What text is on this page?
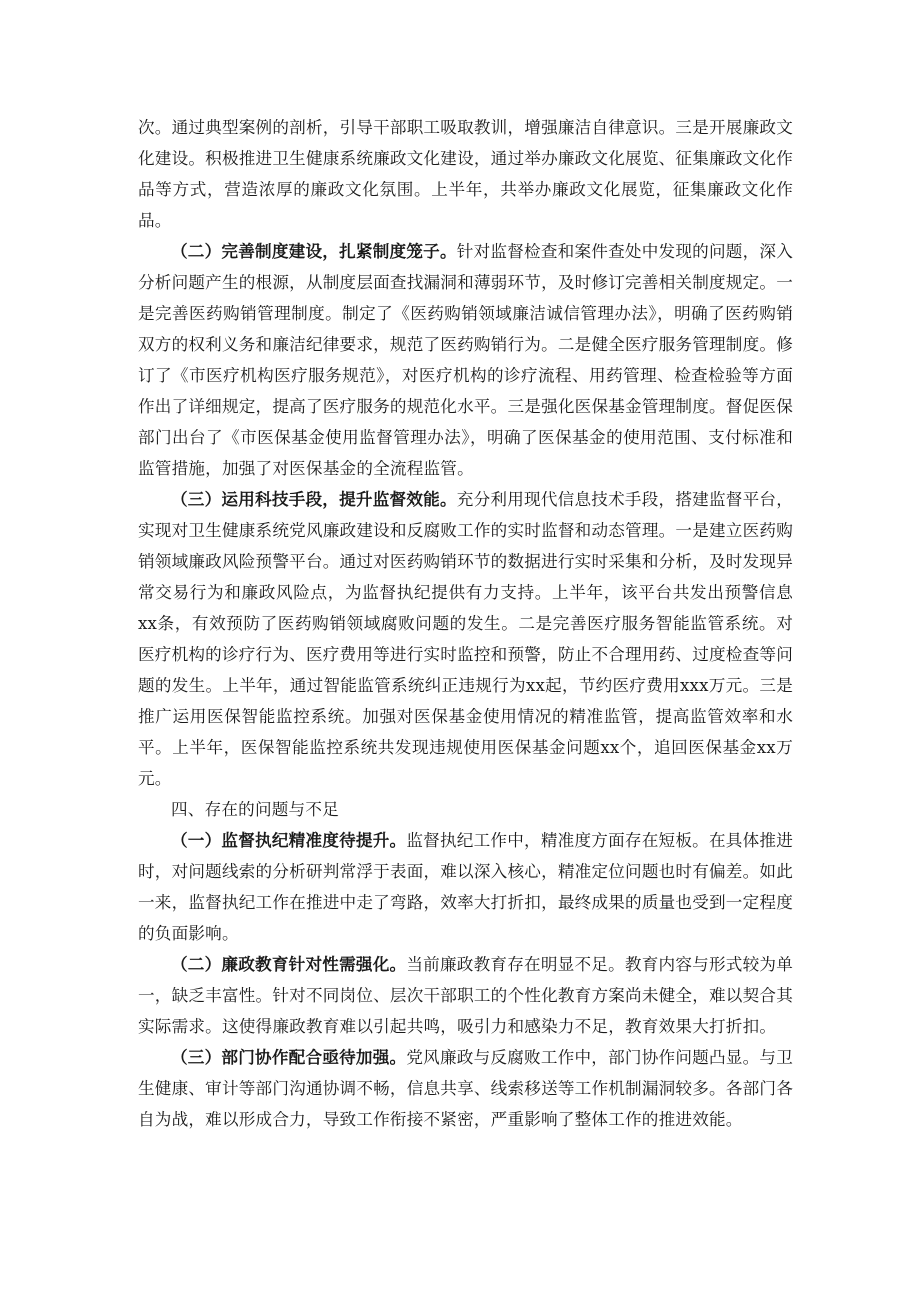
次。通过典型案例的剖析，引导干部职工吸取教训，增强廉洁自律意识。三是开展廉政文化建设。积极推进卫生健康系统廉政文化建设，通过举办廉政文化展览、征集廉政文化作品等方式，营造浓厚的廉政文化氛围。上半年，共举办廉政文化展览，征集廉政文化作品。

（二）完善制度建设，扎紧制度笼子。针对监督检查和案件查处中发现的问题，深入分析问题产生的根源，从制度层面查找漏洞和薄弱环节，及时修订完善相关制度规定。一是完善医药购销管理制度。制定了《医药购销领域廉洁诚信管理办法》，明确了医药购销双方的权利义务和廉洁纪律要求，规范了医药购销行为。二是健全医疗服务管理制度。修订了《市医疗机构医疗服务规范》，对医疗机构的诊疗流程、用药管理、检查检验等方面作出了详细规定，提高了医疗服务的规范化水平。三是强化医保基金管理制度。督促医保部门出台了《市医保基金使用监督管理办法》，明确了医保基金的使用范围、支付标准和监管措施，加强了对医保基金的全流程监管。

（三）运用科技手段，提升监督效能。充分利用现代信息技术手段，搭建监督平台，实现对卫生健康系统党风廉政建设和反腐败工作的实时监督和动态管理。一是建立医药购销领域廉政风险预警平台。通过对医药购销环节的数据进行实时采集和分析，及时发现异常交易行为和廉政风险点，为监督执纪提供有力支持。上半年，该平台共发出预警信息xx条，有效预防了医药购销领域腐败问题的发生。二是完善医疗服务智能监管系统。对医疗机构的诊疗行为、医疗费用等进行实时监控和预警，防止不合理用药、过度检查等问题的发生。上半年，通过智能监管系统纠正违规行为xx起，节约医疗费用xxx万元。三是推广运用医保智能监控系统。加强对医保基金使用情况的精准监管，提高监管效率和水平。上半年，医保智能监控系统共发现违规使用医保基金问题xx个，追回医保基金xx万元。

四、存在的问题与不足

（一）监督执纪精准度待提升。监督执纪工作中，精准度方面存在短板。在具体推进时，对问题线索的分析研判常浮于表面，难以深入核心，精准定位问题也时有偏差。如此一来，监督执纪工作在推进中走了弯路，效率大打折扣，最终成果的质量也受到一定程度的负面影响。

（二）廉政教育针对性需强化。当前廉政教育存在明显不足。教育内容与形式较为单一，缺乏丰富性。针对不同岗位、层次干部职工的个性化教育方案尚未健全，难以契合其实际需求。这使得廉政教育难以引起共鸣，吸引力和感染力不足，教育效果大打折扣。

（三）部门协作配合亟待加强。党风廉政与反腐败工作中，部门协作问题凸显。与卫生健康、审计等部门沟通协调不畅，信息共享、线索移送等工作机制漏洞较多。各部门各自为战，难以形成合力，导致工作衔接不紧密，严重影响了整体工作的推进效能。
